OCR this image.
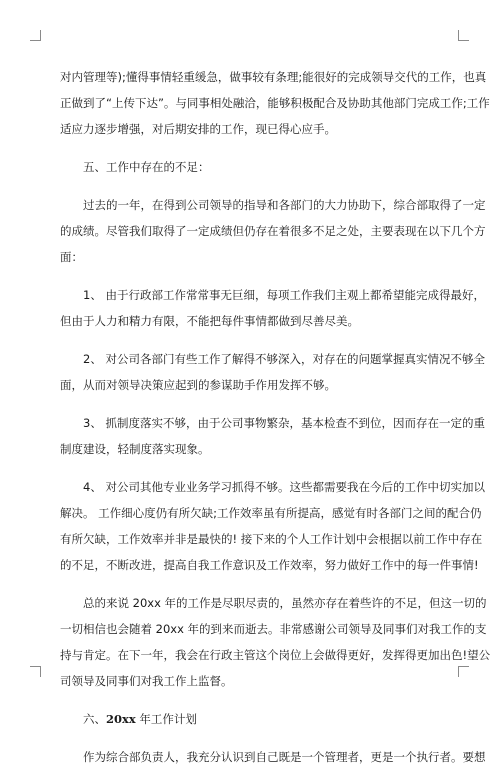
对内管理等);懂得事情轻重缓急，做事较有条理;能很好的完成领导交代的工作，也真
正做到了“上传下达”。与同事相处融洽，能够积极配合及协助其他部门完成工作;工作
适应力逐步增强，对后期安排的工作，现已得心应手。
五、工作中存在的不足：
过去的一年，在得到公司领导的指导和各部门的大力协助下，综合部取得了一定
的成绩。尽管我们取得了一定成绩但仍存在着很多不足之处，主要表现在以下几个方
面：
1、 由于行政部工作常常事无巨细，每项工作我们主观上都希望能完成得最好，
但由于人力和精力有限，不能把每件事情都做到尽善尽美。
2、 对公司各部门有些工作了解得不够深入，对存在的问题掌握真实情况不够全
面，从而对领导决策应起到的参谋助手作用发挥不够。
3、 抓制度落实不够，由于公司事物繁杂，基本检查不到位，因而存在一定的重
制度建设，轻制度落实现象。
4、 对公司其他专业业务学习抓得不够。这些都需要我在今后的工作中切实加以
解决。 工作细心度仍有所欠缺;工作效率虽有所提高，感觉有时各部门之间的配合仍
有所欠缺，工作效率并非是最快的! 接下来的个人工作计划中会根据以前工作中存在
的不足，不断改进，提高自我工作意识及工作效率，努力做好工作中的每一件事情!
总的来说 20xx 年的工作是尽职尽责的，虽然亦存在着些许的不足，但这一切的
一切相信也会随着 20xx 年的到来而逝去。非常感谢公司领导及同事们对我工作的支
持与肯定。在下一年，我会在行政主管这个岗位上会做得更好，发挥得更加出色!望公
司领导及同事们对我工作上监督。
六、20xx 年工作计划
作为综合部负责人，我充分认识到自己既是一个管理者，更是一个执行者。要想
